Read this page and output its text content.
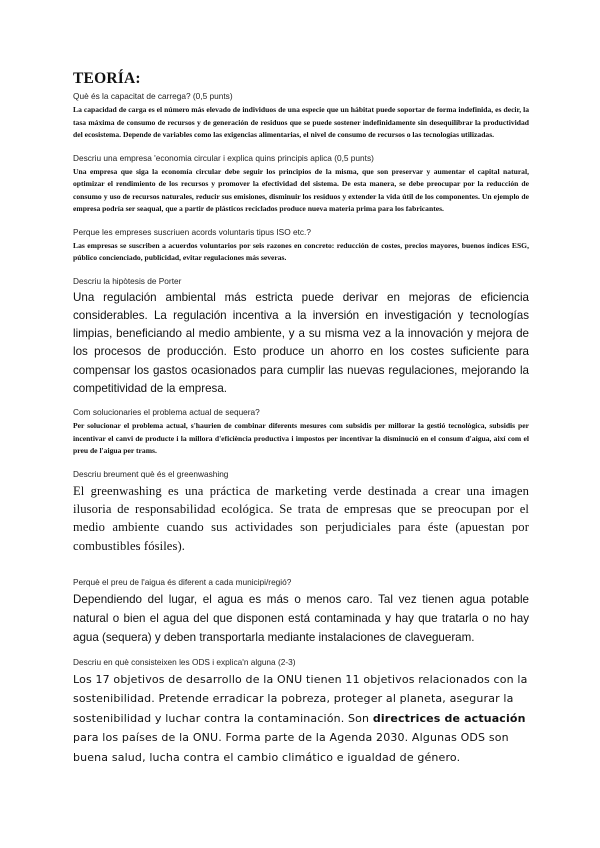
TEORÍA:

Què és la capacitat de carrega? (0,5 punts)

La capacidad de carga es el número más elevado de individuos de una especie que un hábitat puede soportar de forma indefinida, es decir, la tasa máxima de consumo de recursos y de generación de residuos que se puede sostener indefinidamente sin desequilibrar la productividad del ecosistema. Depende de variables como las exigencias alimentarias, el nivel de consumo de recursos o las tecnologías utilizadas.

Descriu una empresa 'economia circular i explica quins principis aplica (0,5 punts)

Una empresa que siga la economía circular debe seguir los principios de la misma, que son preservar y aumentar el capital natural, optimizar el rendimiento de los recursos y promover la efectividad del sistema. De esta manera, se debe preocupar por la reducción de consumo y uso de recursos naturales, reducir sus emisiones, disminuir los residuos y extender la vida útil de los componentes. Un ejemplo de empresa podría ser seaqual, que a partir de plásticos reciclados produce nueva materia prima para los fabricantes.

Perque les empreses suscriuen acords voluntaris tipus ISO etc.?

Las empresas se suscriben a acuerdos voluntarios por seis razones en concreto: reducción de costes, precios mayores, buenos índices ESG, público concienciado, publicidad, evitar regulaciones más severas.

Descriu la hipòtesis de Porter

Una regulación ambiental más estricta puede derivar en mejoras de eficiencia considerables. La regulación incentiva a la inversión en investigación y tecnologías limpias, beneficiando al medio ambiente, y a su misma vez a la innovación y mejora de los procesos de producción. Esto produce un ahorro en los costes suficiente para compensar los gastos ocasionados para cumplir las nuevas regulaciones, mejorando la competitividad de la empresa.

Com solucionaries el problema actual de sequera?

Per solucionar el problema actual, s'haurien de combinar diferents mesures com subsidis per millorar la gestió tecnològica, subsidis per incentivar el canvi de producte i la millora d'eficiència productiva i impostos per incentivar la disminució en el consum d'aigua, així com el preu de l'aigua per trams.

Descriu breument què és el greenwashing

El greenwashing es una práctica de marketing verde destinada a crear una imagen ilusoria de responsabilidad ecológica. Se trata de empresas que se preocupan por el medio ambiente cuando sus actividades son perjudiciales para éste (apuestan por combustibles fósiles).

Perquè el preu de l'aigua és diferent a cada municipi/regió?

Dependiendo del lugar, el agua es más o menos caro. Tal vez tienen agua potable natural o bien el agua del que disponen está contaminada y hay que tratarla o no hay agua (sequera) y deben transportarla mediante instalaciones de clavegueram.

Descriu en què consisteixen les ODS i explica'n alguna (2-3)

Los 17 objetivos de desarrollo de la ONU tienen 11 objetivos relacionados con la sostenibilidad. Pretende erradicar la pobreza, proteger al planeta, asegurar la sostenibilidad y luchar contra la contaminación. Son directrices de actuación para los países de la ONU. Forma parte de la Agenda 2030. Algunas ODS son buena salud, lucha contra el cambio climático e igualdad de género.
